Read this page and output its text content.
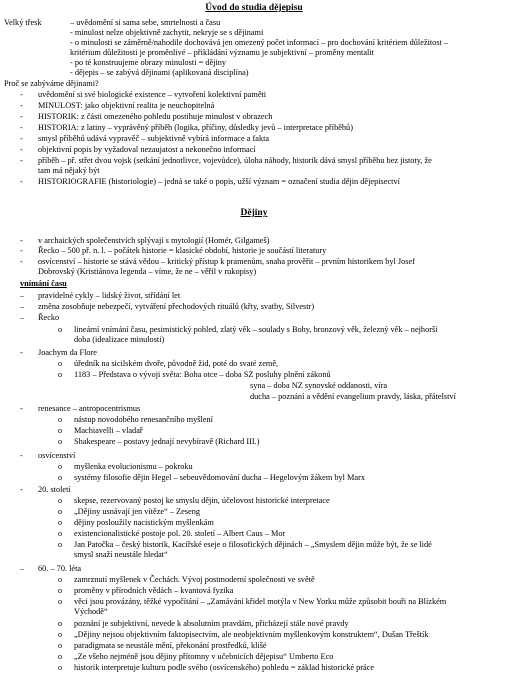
Úvod do studia dějepisu
Velký třesk	– uvědomění si sama sebe, smrtelnosti a času
- minulost nelze objektivně zachytit, nekryje se s dějinami
- o minulosti se záměrně/nahodile dochovává jen omezený počet informací – pro dochování kritériem důležitost –
kritérium důležitosti je proměnlivé – přikládání významu je subjektivní – proměny mentalit
- po té konstruujeme obrazy minulosti = dějiny
- dějepis – se zabývá dějinami (aplikovaná disciplína)
Proč se zabýváme dějinami?
- uvědomění si své biologické existence – vytvoření kolektivní paměti
- MINULOST: jako objektivní realita je neuchopitelná
- HISTORIK: z části omezeného pohledu postihuje minulost v obrazech
- HISTORIA: z latiny – vyprávěný příběh (logika, příčiny, důsledky jevů – interpretace příběhů)
- smysl příběhů udává vypravěč – subjektivně vybírá informace a fakta
- objektivní popis by vyžadoval nezaujatost a nekonečno informací
- příběh – př. střet dvou vojsk (setkání jednotlivce, vojevůdce), úloha náhody, historik dává smysl příběhu bez jistoty, že
tam má nějaký být
- HISTORIOGRAFIE (historiologie) – jedná se také o popis, užší význam = označení studia dějin dějepisectví
Dějiny
- v archaických společenstvích splývají s mytologií (Homér, Gilgameš)
- Řecko – 500 př. n. l. – počátek historie = klasické období, historie je součástí literatury
- osvícenství – historie se stává vědou – kritický přístup k pramenům, snaha prověřit – prvním historikem byl Josef
Dobrovský (Kristiánova legenda – víme, že ne – věřil v rukopisy)
vnímání času
– pravidelné cykly – lidský život, střídání let
– změna zosobňuje nebezpečí, vytváření přechodových rituálů (křty, svatby, Silvestr)
– Řecko
o lineární vnímání času, pesimistický pohled, zlatý věk – soulady s Bohy, bronzový věk, železný věk – nejhorší
doba (idealizace minulosti)
- Joachym da Flore
o úředník na sicilském dvoře, původně žid, poté do svaté země,
o 1183 – Představa o vývoji světa: Boha otce – doba SZ posluhy plnění zákonů
syna – doba NZ synovské oddanosti, víra
ducha – poznání a vědění evangelium pravdy, láska, přátelství
- renesance – antropocentrismus
o nástup novodobého renesančního myšlení
o Machiavelli – vladař
o Shakespeare – postavy jednají nevybíravě (Richard III.)
- osvícenství
o myšlenka evolucionismu – pokroku
o systémy filosofie dějin Hegel – sebeuvědomování ducha – Hegelovým žákem byl Marx
- 20. století
o skepse, rezervovaný postoj ke smyslu dějin, účelovost historické interpretace
o „Dějiny usnávají jen vítěze“ – Zeseng
o dějiny posloužily nacistickým myšlenkám
o existencionalistické postoje pol. 20. století – Albert Caus – Mor
o Jan Patočka – český historik, Kacířské eseje o filosofických dějinách – „Smyslem dějin může být, že se lidé
smysl snaží neustále hledat“
– 60. – 70. léta
o zamrznutí myšlenek v Čechách. Vývoj postmoderní společnosti ve světě
o proměny v přírodních vědách – kvantová fyzika
o věci jsou provázány, těžké vypočítání – „Zamávání křidel motýla v New Yorku může způsobit bouři na Blízkém
Východě“
o poznání je subjektivní, nevede k absolutním pravdám, přicházejí stále nové pravdy
o „Dějiny nejsou objektivním faktopisectvím, ale neobjektivním myšlenkovým konstruktem“, Dušan Třeštík
o paradigmata se neustále mění, překonání prostředků, klišé
o „Ze všeho nejméně jsou dějiny přítomny v učebnicích dějepisu“ Umberto Eco
o historik interpretuje kulturu podle svého (osvícenského) pohledu = základ historické práce
